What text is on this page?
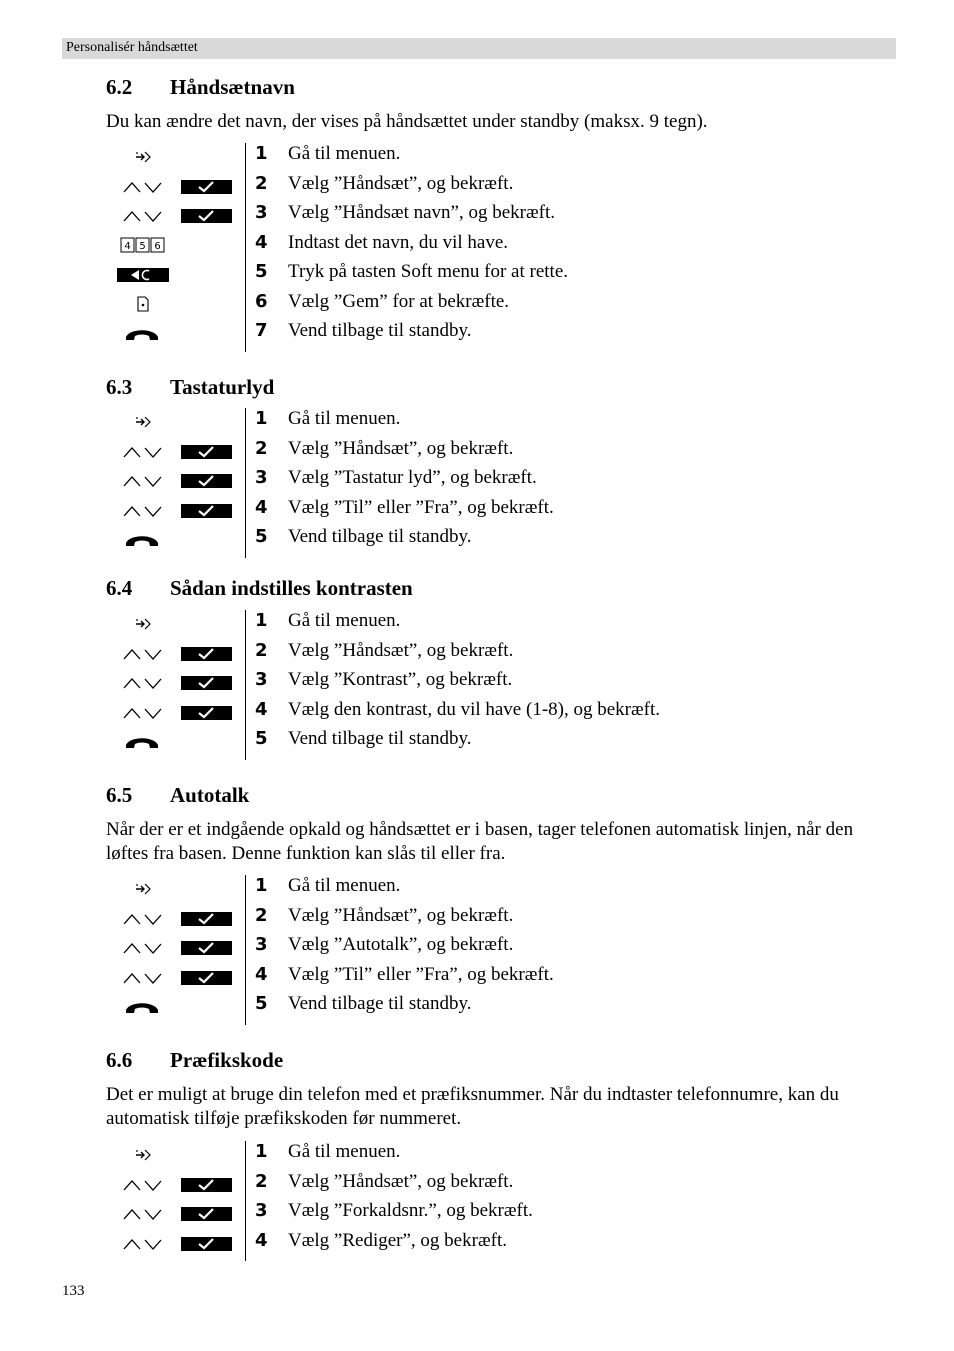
Personalisér håndsættet
6.2 Håndsætnavn
Du kan ændre det navn, der vises på håndsættet under standby (maksx. 9 tegn).
1 Gå til menuen.
2 Vælg ”Håndsæt”, og bekræft.
3 Vælg ”Håndsæt navn”, og bekræft.
4 5 6	4 Indtast det navn, du vil have.
5 Tryk på tasten Soft menu for at rette.
6 Vælg ”Gem” for at bekræfte.
7 Vend tilbage til standby.
6.3 Tastaturlyd
1 Gå til menuen.
2 Vælg ”Håndsæt”, og bekræft.
3 Vælg ”Tastatur lyd”, og bekræft.
4 Vælg ”Til” eller ”Fra”, og bekræft.
5 Vend tilbage til standby.
6.4 Sådan indstilles kontrasten
1 Gå til menuen.
2 Vælg ”Håndsæt”, og bekræft.
3 Vælg ”Kontrast”, og bekræft.
4 Vælg den kontrast, du vil have (1-8), og bekræft.
5 Vend tilbage til standby.
6.5 Autotalk
Når der er et indgående opkald og håndsættet er i basen, tager telefonen automatisk linjen, når den løftes fra basen. Denne funktion kan slås til eller fra.
1 Gå til menuen.
2 Vælg ”Håndsæt”, og bekræft.
3 Vælg ”Autotalk”, og bekræft.
4 Vælg ”Til” eller ”Fra”, og bekræft.
5 Vend tilbage til standby.
6.6 Præfikskode
Det er muligt at bruge din telefon med et præfiksnummer. Når du indtaster telefonnumre, kan du automatisk tilføje præfikskoden før nummeret.
1 Gå til menuen.
2 Vælg ”Håndsæt”, og bekræft.
3 Vælg ”Forkaldsnr.”, og bekræft.
4 Vælg ”Rediger”, og bekræft.
133
